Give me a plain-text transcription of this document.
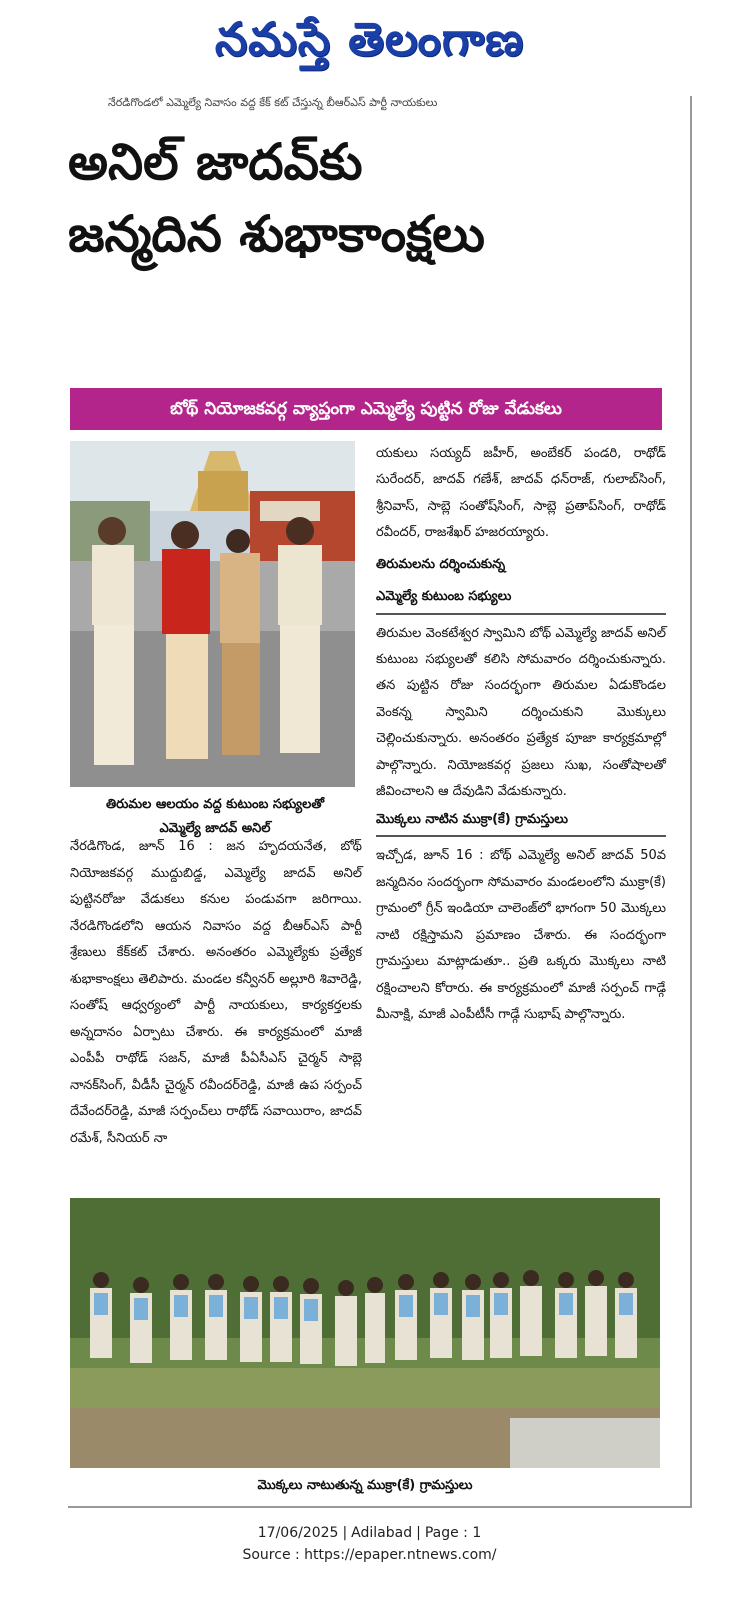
నమస్తే తెలంగాణ
నేరడిగొండలో ఎమ్మెల్యే నివాసం వద్ద కేక్ కట్ చేస్తున్న బీఆర్ఎస్ పార్టీ నాయకులు
అనిల్ జాదవ్‌కు
జన్మదిన శుభాకాంక్షలు
బోథ్ నియోజకవర్గ వ్యాప్తంగా ఎమ్మెల్యే పుట్టిన రోజు వేడుకలు
తిరుమల ఆలయం వద్ద కుటుంబ సభ్యులతో
ఎమ్మెల్యే జాదవ్ అనిల్

నేరడిగొండ, జూన్ 16 : జన హృదయనేత, బోథ్ నియోజకవర్గ ముద్దుబిడ్డ, ఎమ్మెల్యే జాదవ్ అనిల్ పుట్టినరోజు వేడుకలు కనుల పండువగా జరిగాయి. నేరడిగొండలోని ఆయన నివాసం వద్ద బీఆర్ఎస్ పార్టీ శ్రేణులు కేక్‌కట్ చేశారు. అనంతరం ఎమ్మెల్యేకు ప్రత్యేక శుభాకాంక్షలు తెలిపారు. మండల కన్వీనర్ అల్లూరి శివారెడ్డి, సంతోష్ ఆధ్వర్యంలో పార్టీ నాయకులు, కార్యకర్తలకు అన్నదానం ఏర్పాటు చేశారు. ఈ కార్యక్రమంలో మాజీ ఎంపీపీ రాథోడ్ సజన్, మాజీ పీఏసీఎస్ చైర్మన్ సాబ్లె నానక్‌సింగ్, వీడీసీ చైర్మన్ రవీందర్‌రెడ్డి, మాజీ ఉప సర్పంచ్ దేవేందర్‌రెడ్డి, మాజీ సర్పంచ్‌లు రాథోడ్ సవాయిరాం, జాదవ్ రమేశ్, సీనియర్ నా

యకులు సయ్యద్ జహీర్, అంబేకర్ పండరి, రాథోడ్ సురేందర్, జాదవ్ గణేశ్, జాదవ్ ధన్‌రాజ్, గులాబ్‌సింగ్, శ్రీనివాస్, సాబ్లె సంతోష్‌సింగ్, సాబ్లె ప్రతాప్‌సింగ్, రాథోడ్ రవీందర్, రాజశేఖర్ హజరయ్యారు.

తిరుమలను దర్శించుకున్న
ఎమ్మెల్యే కుటుంబ సభ్యులు

తిరుమల వెంకటేశ్వర స్వామిని బోథ్ ఎమ్మెల్యే జాదవ్ అనిల్ కుటుంబ సభ్యులతో కలిసి సోమవారం దర్శించుకున్నారు. తన పుట్టిన రోజు సందర్భంగా తిరుమల ఏడుకొండల వెంకన్న స్వామిని దర్శించుకుని మొక్కులు చెల్లించుకున్నారు. అనంతరం ప్రత్యేక పూజా కార్యక్రమాల్లో పాల్గొన్నారు. నియోజకవర్గ ప్రజలు సుఖ, సంతోషాలతో జీవించాలని ఆ దేవుడిని వేడుకున్నారు.

మొక్కలు నాటిన ముక్రా(కే) గ్రామస్తులు

ఇచ్చోడ, జూన్ 16 : బోథ్ ఎమ్మెల్యే అనిల్ జాదవ్ 50వ జన్మదినం సందర్భంగా సోమవారం మండలంలోని ముక్రా(కే) గ్రామంలో గ్రీన్ ఇండియా చాలెంజ్‌లో భాగంగా 50 మొక్కలు నాటి రక్షిస్తామని ప్రమాణం చేశారు. ఈ సందర్భంగా గ్రామస్తులు మాట్లాడుతూ.. ప్రతి ఒక్కరు మొక్కలు నాటి రక్షించాలని కోరారు. ఈ కార్యక్రమంలో మాజీ సర్పంచ్ గాడ్గే మీనాక్షి, మాజీ ఎంపీటీసీ గాడ్గే సుభాష్ పాల్గొన్నారు.

మొక్కలు నాటుతున్న ముక్రా(కే) గ్రామస్తులు
17/06/2025 | Adilabad | Page : 1
Source : https://epaper.ntnews.com/
